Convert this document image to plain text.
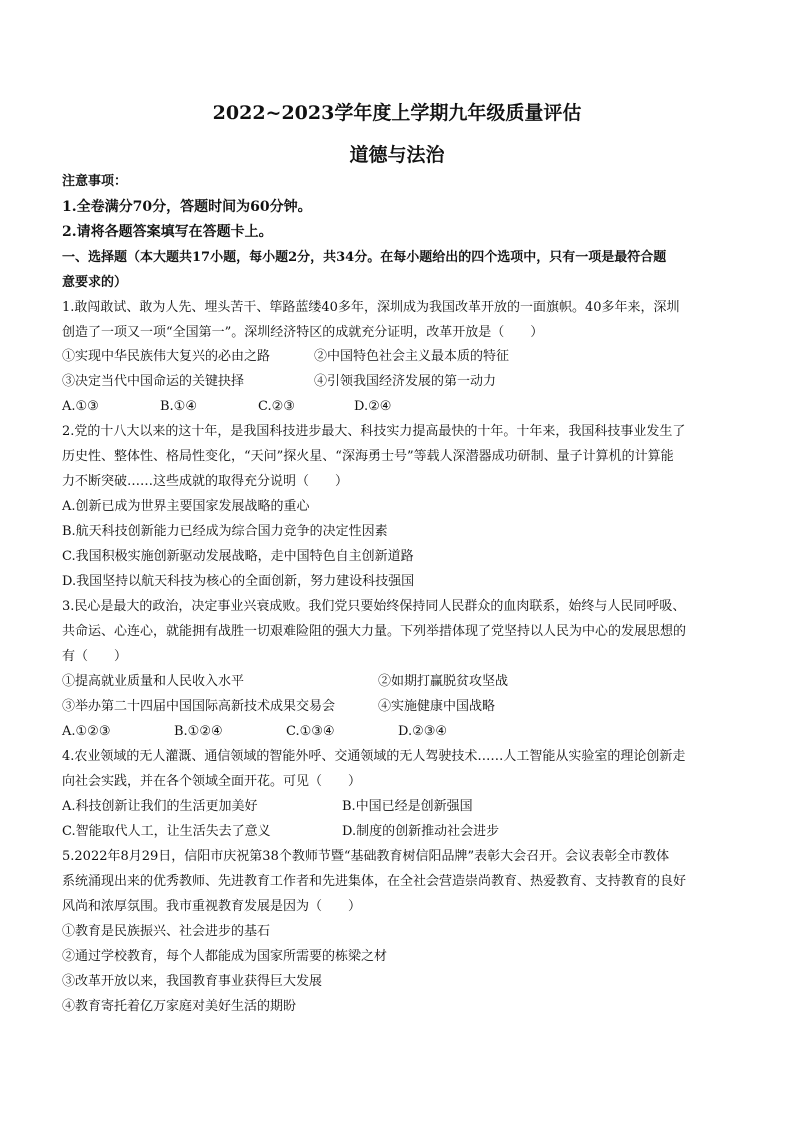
2022~2023学年度上学期九年级质量评估
道德与法治
注意事项：
1.全卷满分70分，答题时间为60分钟。
2.请将各题答案填写在答题卡上。
一、选择题（本大题共17小题，每小题2分，共34分。在每小题给出的四个选项中，只有一项是最符合题
意要求的）
1.敢闯敢试、敢为人先、埋头苦干、筚路蓝缕40多年，深圳成为我国改革开放的一面旗帜。40多年来，深圳
创造了一项又一项“全国第一”。深圳经济特区的成就充分证明，改革开放是（　　）
①实现中华民族伟大复兴的必由之路	②中国特色社会主义最本质的特征
③决定当代中国命运的关键抉择	④引领我国经济发展的第一动力
A.①③	B.①④	C.②③	D.②④
2.党的十八大以来的这十年，是我国科技进步最大、科技实力提高最快的十年。十年来，我国科技事业发生了
历史性、整体性、格局性变化，“天问”探火星、“深海勇士号”等载人深潜器成功研制、量子计算机的计算能
力不断突破……这些成就的取得充分说明（　　）
A.创新已成为世界主要国家发展战略的重心
B.航天科技创新能力已经成为综合国力竞争的决定性因素
C.我国积极实施创新驱动发展战略，走中国特色自主创新道路
D.我国坚持以航天科技为核心的全面创新，努力建设科技强国
3.民心是最大的政治，决定事业兴衰成败。我们党只要始终保持同人民群众的血肉联系，始终与人民同呼吸、
共命运、心连心，就能拥有战胜一切艰难险阻的强大力量。下列举措体现了党坚持以人民为中心的发展思想的
有（　　）
①提高就业质量和人民收入水平	②如期打赢脱贫攻坚战
③举办第二十四届中国国际高新技术成果交易会	④实施健康中国战略
A.①②③	B.①②④	C.①③④	D.②③④
4.农业领域的无人灌溉、通信领域的智能外呼、交通领域的无人驾驶技术……人工智能从实验室的理论创新走
向社会实践，并在各个领域全面开花。可见（　　）
A.科技创新让我们的生活更加美好	B.中国已经是创新强国
C.智能取代人工，让生活失去了意义	D.制度的创新推动社会进步
5.2022年8月29日，信阳市庆祝第38个教师节暨“基础教育树信阳品牌”表彰大会召开。会议表彰全市教体
系统涌现出来的优秀教师、先进教育工作者和先进集体，在全社会营造崇尚教育、热爱教育、支持教育的良好
风尚和浓厚氛围。我市重视教育发展是因为（　　）
①教育是民族振兴、社会进步的基石
②通过学校教育，每个人都能成为国家所需要的栋梁之材
③改革开放以来，我国教育事业获得巨大发展
④教育寄托着亿万家庭对美好生活的期盼
